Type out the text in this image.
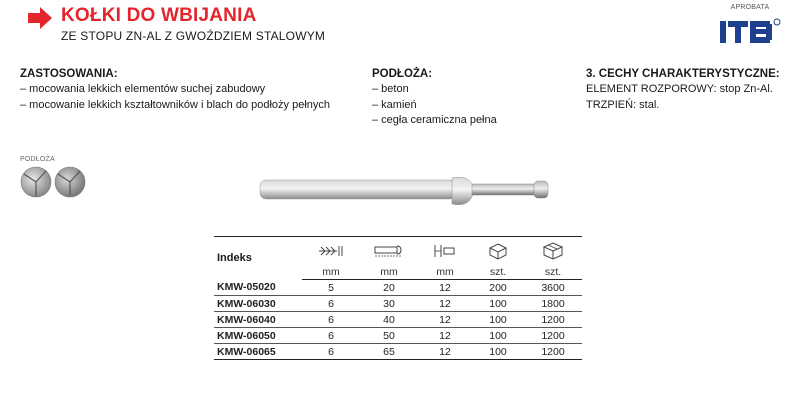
KOŁKI DO WBIJANIA
ZE STOPU ZN-AL Z GWOŹDZIEM STALOWYM
APROBATA
ZASTOSOWANIA:
– mocowania lekkich elementów suchej zabudowy
– mocowanie lekkich kształtowników i blach do podłoży pełnych
PODŁOŻA:
– beton
– kamień
– cegła ceramiczna pełna
3. CECHY CHARAKTERYSTYCZNE:
ELEMENT ROZPOROWY: stop Zn-Al.
TRZPIEŃ: stal.
PODŁOŻA
Indeks					
	mm	mm	mm	szt.	szt.
KMW-05020	5	20	12	200	3600
KMW-06030	6	30	12	100	1800
KMW-06040	6	40	12	100	1200
KMW-06050	6	50	12	100	1200
KMW-06065	6	65	12	100	1200
